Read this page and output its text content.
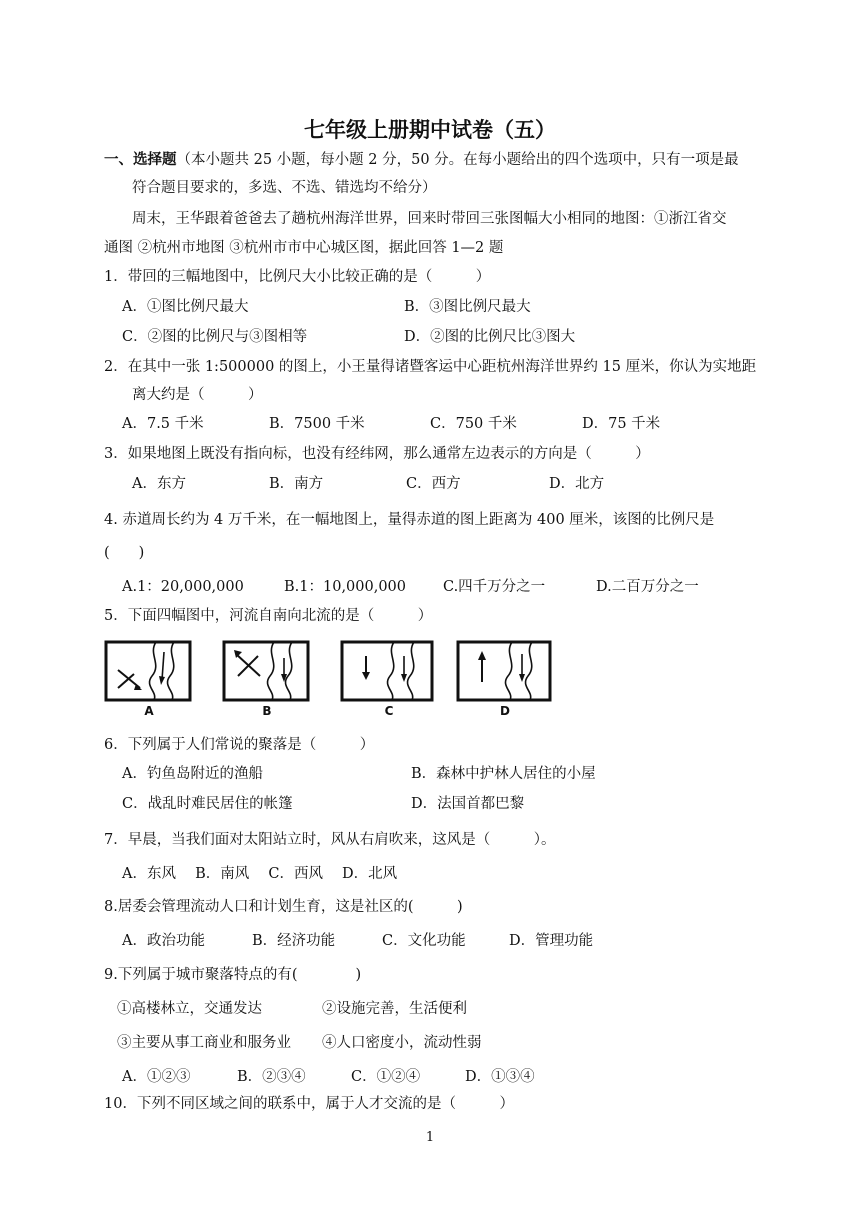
七年级上册期中试卷（五）
一、选择题（本小题共 25 小题，每小题 2 分，50 分。在每小题给出的四个选项中，只有一项是最
符合题目要求的，多选、不选、错选均不给分）
周末，王华跟着爸爸去了趟杭州海洋世界，回来时带回三张图幅大小相同的地图：①浙江省交
通图 ②杭州市地图 ③杭州市市中心城区图，据此回答 1—2 题
1．带回的三幅地图中，比例尺大小比较正确的是（　　　）
A．①图比例尺最大	B．③图比例尺最大
C．②图的比例尺与③图相等	D．②图的比例尺比③图大
2．在其中一张 1:500000 的图上，小王量得诸暨客运中心距杭州海洋世界约 15 厘米，你认为实地距
离大约是（　　　）
A．7.5 千米	B．7500 千米	C．750 千米	D．75 千米
3．如果地图上既没有指向标，也没有经纬网，那么通常左边表示的方向是（　　　）
A．东方	B．南方	C．西方	D．北方
4. 赤道周长约为 4 万千米，在一幅地图上，量得赤道的图上距离为 400 厘米，该图的比例尺是
(　　)
A.1：20,000,000	B.1：10,000,000	C.四千万分之一	D.二百万分之一
5．下面四幅图中，河流自南向北流的是（　　　）
A	B	C	D
6．下列属于人们常说的聚落是（　　　）
A．钓鱼岛附近的渔船	B．森林中护林人居住的小屋
C．战乱时难民居住的帐篷	D．法国首都巴黎
7．早晨，当我们面对太阳站立时，风从右肩吹来，这风是（　　　）。
A．东风　 B．南风　 C．西风　 D．北风
8.居委会管理流动人口和计划生育，这是社区的(　　　)
A．政治功能	B．经济功能	C．文化功能	D．管理功能
9.下列属于城市聚落特点的有(　　　　)
①高楼林立，交通发达	②设施完善，生活便利
③主要从事工商业和服务业 ④人口密度小，流动性弱
A．①②③	B．②③④	C．①②④	D．①③④
10．下列不同区域之间的联系中，属于人才交流的是（　　　）
1
